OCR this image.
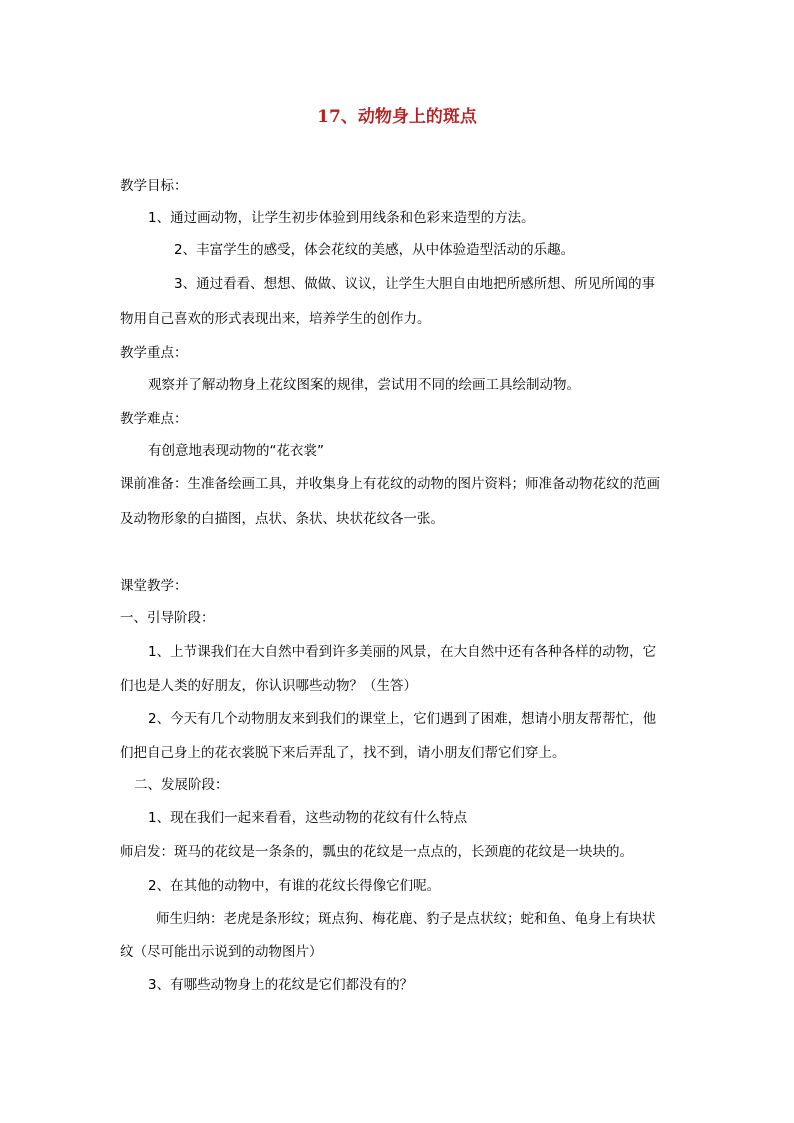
17、动物身上的斑点
教学目标：
1、通过画动物，让学生初步体验到用线条和色彩来造型的方法。
2、丰富学生的感受，体会花纹的美感，从中体验造型活动的乐趣。
3、通过看看、想想、做做、议议，让学生大胆自由地把所感所想、所见所闻的事
物用自己喜欢的形式表现出来，培养学生的创作力。
教学重点：
观察并了解动物身上花纹图案的规律，尝试用不同的绘画工具绘制动物。
教学难点：
有创意地表现动物的“花衣裳”
课前准备：生准备绘画工具，并收集身上有花纹的动物的图片资料；师准备动物花纹的范画
及动物形象的白描图，点状、条状、块状花纹各一张。
课堂教学：
一、引导阶段：
1、上节课我们在大自然中看到许多美丽的风景，在大自然中还有各种各样的动物，它
们也是人类的好朋友，你认识哪些动物？（生答）
2、今天有几个动物朋友来到我们的课堂上，它们遇到了困难，想请小朋友帮帮忙，他
们把自己身上的花衣裳脱下来后弄乱了，找不到，请小朋友们帮它们穿上。
二、发展阶段：
1、现在我们一起来看看，这些动物的花纹有什么特点
师启发：斑马的花纹是一条条的，瓢虫的花纹是一点点的，长颈鹿的花纹是一块块的。
2、在其他的动物中，有谁的花纹长得像它们呢。
师生归纳：老虎是条形纹；斑点狗、梅花鹿、豹子是点状纹；蛇和鱼、龟身上有块状
纹（尽可能出示说到的动物图片）
3、有哪些动物身上的花纹是它们都没有的？
